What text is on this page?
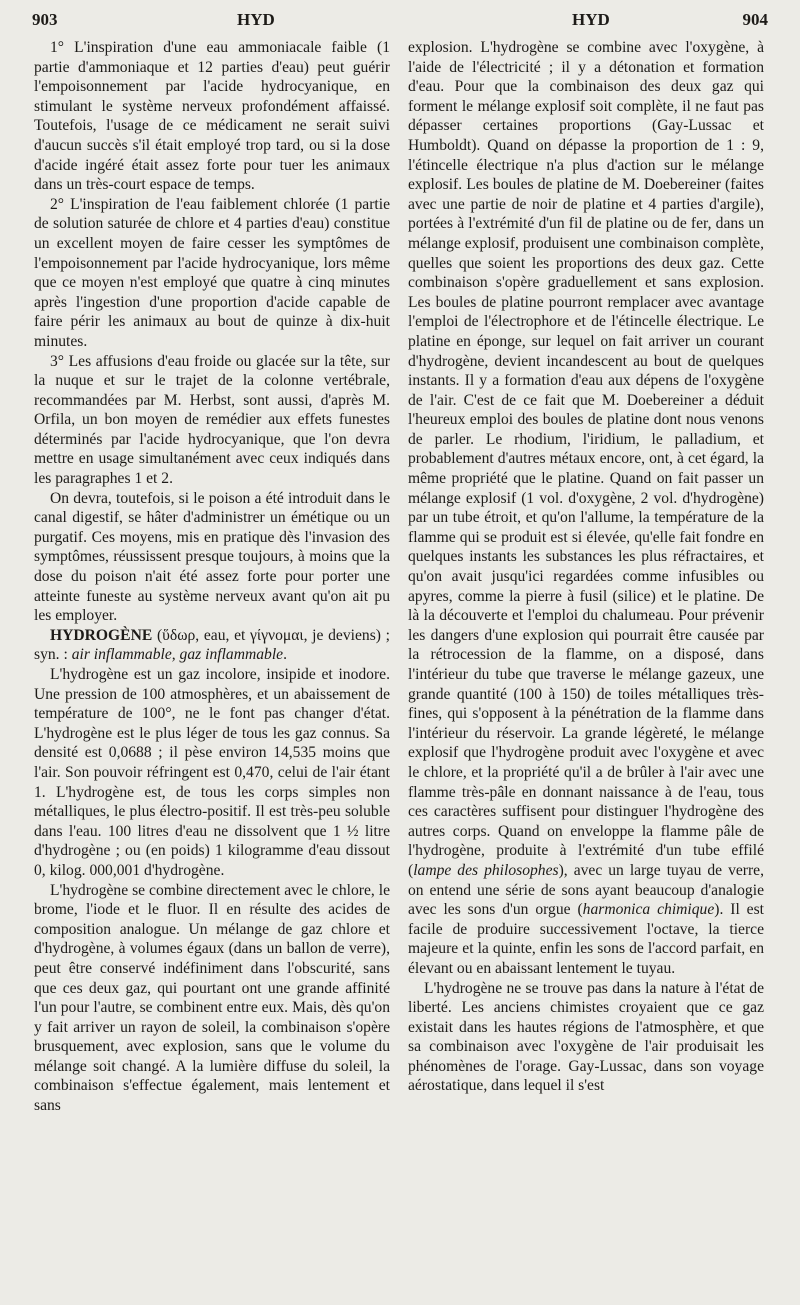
903	HYD	HYD	904

1° L'inspiration d'une eau ammoniacale faible (1 partie d'ammoniaque et 12 parties d'eau) peut guérir l'empoisonnement par l'acide hydrocyanique, en stimulant le système nerveux profondément affaissé. Toutefois, l'usage de ce médicament ne serait suivi d'aucun succès s'il était employé trop tard, ou si la dose d'acide ingéré était assez forte pour tuer les animaux dans un très-court espace de temps.

2° L'inspiration de l'eau faiblement chlorée (1 partie de solution saturée de chlore et 4 parties d'eau) constitue un excellent moyen de faire cesser les symptômes de l'empoisonnement par l'acide hydrocyanique, lors même que ce moyen n'est employé que quatre à cinq minutes après l'ingestion d'une proportion d'acide capable de faire périr les animaux au bout de quinze à dix-huit minutes.

3° Les affusions d'eau froide ou glacée sur la tête, sur la nuque et sur le trajet de la colonne vertébrale, recommandées par M. Herbst, sont aussi, d'après M. Orfila, un bon moyen de remédier aux effets funestes déterminés par l'acide hydrocyanique, que l'on devra mettre en usage simultanément avec ceux indiqués dans les paragraphes 1 et 2.

On devra, toutefois, si le poison a été introduit dans le canal digestif, se hâter d'administrer un émétique ou un purgatif. Ces moyens, mis en pratique dès l'invasion des symptômes, réussissent presque toujours, à moins que la dose du poison n'ait été assez forte pour porter une atteinte funeste au système nerveux avant qu'on ait pu les employer.

HYDROGÈNE (ὕδωρ, eau, et γίγνομαι, je deviens) ; syn. : air inflammable, gaz inflammable.

L'hydrogène est un gaz incolore, insipide et inodore. Une pression de 100 atmosphères, et un abaissement de température de 100°, ne le font pas changer d'état. L'hydrogène est le plus léger de tous les gaz connus. Sa densité est 0,0688 ; il pèse environ 14,535 moins que l'air. Son pouvoir réfringent est 0,470, celui de l'air étant 1. L'hydrogène est, de tous les corps simples non métalliques, le plus électro-positif. Il est très-peu soluble dans l'eau. 100 litres d'eau ne dissolvent que 1 ½ litre d'hydrogène ; ou (en poids) 1 kilogramme d'eau dissout 0, kilog. 000,001 d'hydrogène.

L'hydrogène se combine directement avec le chlore, le brome, l'iode et le fluor. Il en résulte des acides de composition analogue. Un mélange de gaz chlore et d'hydrogène, à volumes égaux (dans un ballon de verre), peut être conservé indéfiniment dans l'obscurité, sans que ces deux gaz, qui pourtant ont une grande affinité l'un pour l'autre, se combinent entre eux. Mais, dès qu'on y fait arriver un rayon de soleil, la combinaison s'opère brusquement, avec explosion, sans que le volume du mélange soit changé. A la lumière diffuse du soleil, la combinaison s'effectue également, mais lentement et sans

explosion. L'hydrogène se combine avec l'oxygène, à l'aide de l'électricité ; il y a détonation et formation d'eau. Pour que la combinaison des deux gaz qui forment le mélange explosif soit complète, il ne faut pas dépasser certaines proportions (Gay-Lussac et Humboldt). Quand on dépasse la proportion de 1 : 9, l'étincelle électrique n'a plus d'action sur le mélange explosif. Les boules de platine de M. Doebereiner (faites avec une partie de noir de platine et 4 parties d'argile), portées à l'extrémité d'un fil de platine ou de fer, dans un mélange explosif, produisent une combinaison complète, quelles que soient les proportions des deux gaz. Cette combinaison s'opère graduellement et sans explosion. Les boules de platine pourront remplacer avec avantage l'emploi de l'électrophore et de l'étincelle électrique. Le platine en éponge, sur lequel on fait arriver un courant d'hydrogène, devient incandescent au bout de quelques instants. Il y a formation d'eau aux dépens de l'oxygène de l'air. C'est de ce fait que M. Doebereiner a déduit l'heureux emploi des boules de platine dont nous venons de parler. Le rhodium, l'iridium, le palladium, et probablement d'autres métaux encore, ont, à cet égard, la même propriété que le platine. Quand on fait passer un mélange explosif (1 vol. d'oxygène, 2 vol. d'hydrogène) par un tube étroit, et qu'on l'allume, la température de la flamme qui se produit est si élevée, qu'elle fait fondre en quelques instants les substances les plus réfractaires, et qu'on avait jusqu'ici regardées comme infusibles ou apyres, comme la pierre à fusil (silice) et le platine. De là la découverte et l'emploi du chalumeau. Pour prévenir les dangers d'une explosion qui pourrait être causée par la rétrocession de la flamme, on a disposé, dans l'intérieur du tube que traverse le mélange gazeux, une grande quantité (100 à 150) de toiles métalliques très-fines, qui s'opposent à la pénétration de la flamme dans l'intérieur du réservoir. La grande légèreté, le mélange explosif que l'hydrogène produit avec l'oxygène et avec le chlore, et la propriété qu'il a de brûler à l'air avec une flamme très-pâle en donnant naissance à de l'eau, tous ces caractères suffisent pour distinguer l'hydrogène des autres corps. Quand on enveloppe la flamme pâle de l'hydrogène, produite à l'extrémité d'un tube effilé (lampe des philosophes), avec un large tuyau de verre, on entend une série de sons ayant beaucoup d'analogie avec les sons d'un orgue (harmonica chimique). Il est facile de produire successivement l'octave, la tierce majeure et la quinte, enfin les sons de l'accord parfait, en élevant ou en abaissant lentement le tuyau.

L'hydrogène ne se trouve pas dans la nature à l'état de liberté. Les anciens chimistes croyaient que ce gaz existait dans les hautes régions de l'atmosphère, et que sa combinaison avec l'oxygène de l'air produisait les phénomènes de l'orage. Gay-Lussac, dans son voyage aérostatique, dans lequel il s'est
